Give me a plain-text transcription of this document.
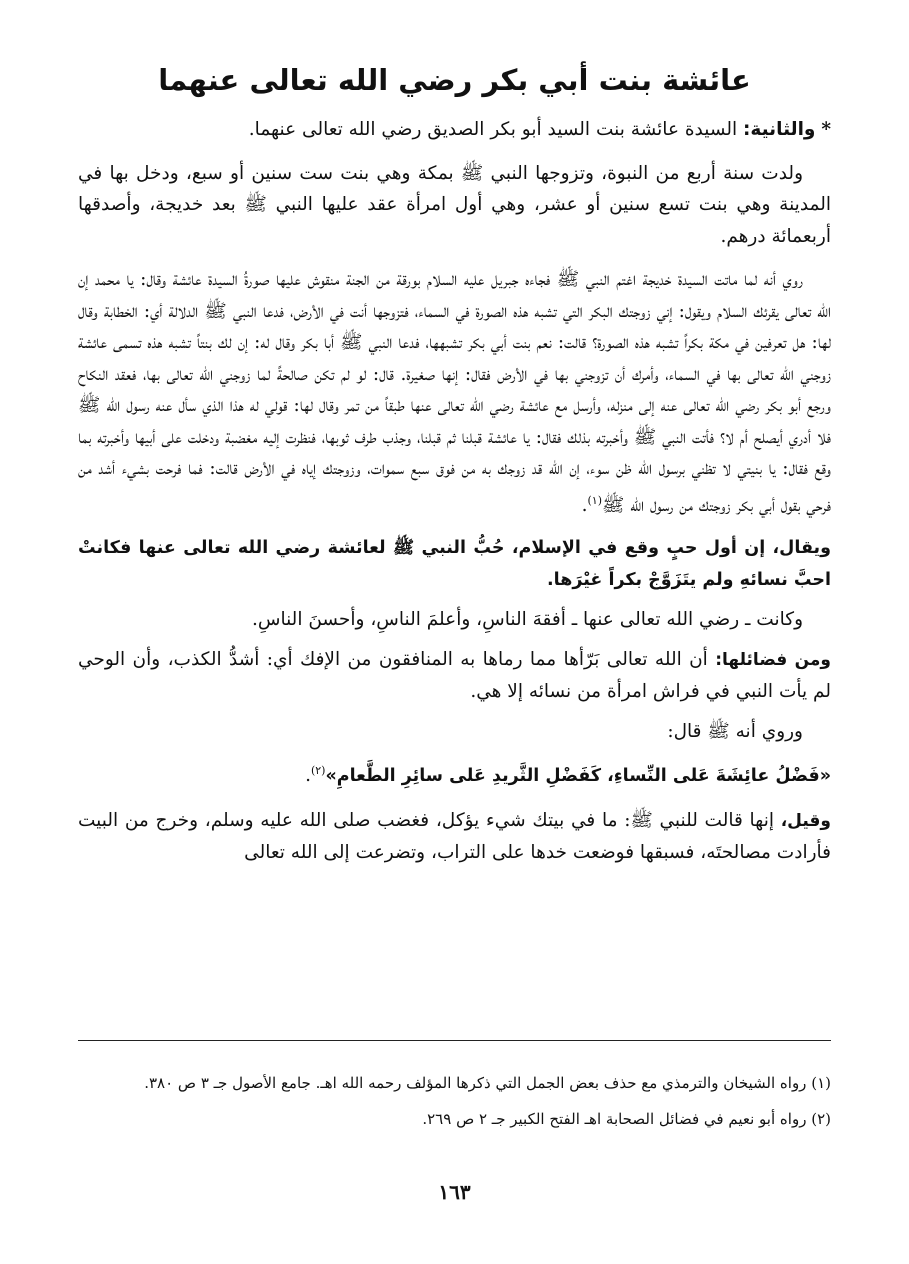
عائشة بنت أبي بكر رضي الله تعالى عنهما

* والثانية: السيدة عائشة بنت السيد أبو بكر الصديق رضي الله تعالى عنهما.

ولدت سنة أربع من النبوة، وتزوجها النبي ﷺ بمكة وهي بنت ست سنين أو سبع، ودخل بها في المدينة وهي بنت تسع سنين أو عشر، وهي أول امرأة عقد عليها النبي ﷺ بعد خديجة، وأصدقها أربعمائة درهم.

روي أنه لما ماتت السيدة خديجة اغتم النبي ﷺ فجاءه جبريل عليه السلام بورقة من الجنة منقوش عليها صورةُ السيدة عائشة وقال: يا محمد إن الله تعالى يقرئك السلام ويقول: إني زوجتك البكر التي تشبه هذه الصورة في السماء، فتزوجها أنت في الأرض، فدعا النبي ﷺ الدلالة أي: الخطابة وقال لها: هل تعرفين في مكة بكراً تشبه هذه الصورة؟ قالت: نعم بنت أبي بكر تشبهها، فدعا النبي ﷺ أبا بكر وقال له: إن لك بنتاً تشبه هذه تسمى عائشة زوجني الله تعالى بها في السماء، وأمرك أن تزوجني بها في الأرض فقال: إنها صغيرة. قال: لو لم تكن صالحةً لما زوجني الله تعالى بها، فعقد النكاح ورجع أبو بكر رضي الله تعالى عنه إلى منزله، وأرسل مع عائشة رضي الله تعالى عنها طبقاً من تمر وقال لها: قولي له هذا الذي سأل عنه رسول الله ﷺ فلا أدري أيصلح أم لا؟ فأتت النبي ﷺ وأخبرته بذلك فقال: يا عائشة قبلنا ثم قبلنا، وجذب طرف ثوبها، فنظرت إليه مغضبة ودخلت على أبيها وأخبرته بما وقع فقال: يا بنيتي لا تظني برسول الله ظن سوء، إن الله قد زوجك به من فوق سبع سموات، وزوجتك إياه في الأرض قالت: فما فرحت بشيء أشد من فرحي بقول أبي بكر زوجتك من رسول الله ﷺ$^{(١)}$.

ويقال، إن أول حبٍ وقع في الإسلام، حُبُّ النبي ﷺ لعائشة رضي الله تعالى عنها فكانتْ احبَّ نسائهِ ولم يتَزَوَّجْ بكراً غيْرَها.

وكانت ـ رضي الله تعالى عنها ـ أفقهَ الناسِ، وأعلمَ الناسِ، وأحسنَ الناسِ.

ومن فضائلها: أن الله تعالى بَرّأها مما رماها به المنافقون من الإفك أي: أشدُّ الكذب، وأن الوحي لم يأت النبي في فراش امرأة من نسائه إلا هي.

وروي أنه ﷺ قال:

«فَضْلُ عائِشَةَ عَلى النِّساءِ، كَفَضْلِ الثَّريدِ عَلى سائِرِ الطَّعامِ»$^{(٢)}$.

وقيل، إنها قالت للنبي ﷺ: ما في بيتك شيء يؤكل، فغضب صلى الله عليه وسلم، وخرج من البيت فأرادت مصالحتَه، فسبقها فوضعت خدها على التراب، وتضرعت إلى الله تعالى

(١) رواه الشيخان والترمذي مع حذف بعض الجمل التي ذكرها المؤلف رحمه الله اهـ. جامع الأصول جـ ٣ ص ٣٨٠.

(٢) رواه أبو نعيم في فضائل الصحابة اهـ الفتح الكبير جـ ٢ ص ٢٦٩.

١٦٣
